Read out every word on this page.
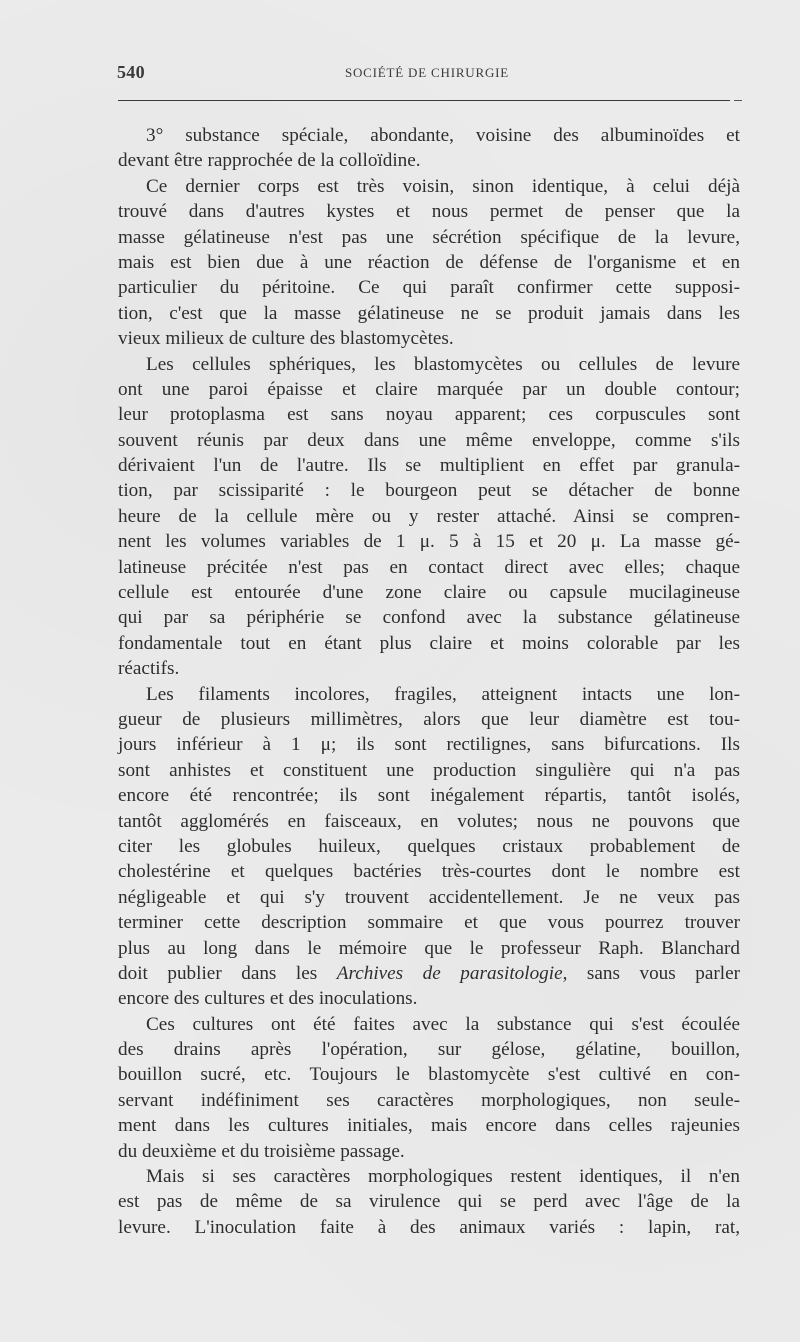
540	SOCIÉTÉ DE CHIRURGIE
3° substance spéciale, abondante, voisine des albuminoïdes et
devant être rapprochée de la colloïdine.
Ce dernier corps est très voisin, sinon identique, à celui déjà
trouvé dans d'autres kystes et nous permet de penser que la
masse gélatineuse n'est pas une sécrétion spécifique de la levure,
mais est bien due à une réaction de défense de l'organisme et en
particulier du péritoine. Ce qui paraît confirmer cette supposi-
tion, c'est que la masse gélatineuse ne se produit jamais dans les
vieux milieux de culture des blastomycètes.
Les cellules sphériques, les blastomycètes ou cellules de levure
ont une paroi épaisse et claire marquée par un double contour;
leur protoplasma est sans noyau apparent; ces corpuscules sont
souvent réunis par deux dans une même enveloppe, comme s'ils
dérivaient l'un de l'autre. Ils se multiplient en effet par granula-
tion, par scissiparité : le bourgeon peut se détacher de bonne
heure de la cellule mère ou y rester attaché. Ainsi se compren-
nent les volumes variables de 1 μ. 5 à 15 et 20 μ. La masse gé-
latineuse précitée n'est pas en contact direct avec elles; chaque
cellule est entourée d'une zone claire ou capsule mucilagineuse
qui par sa périphérie se confond avec la substance gélatineuse
fondamentale tout en étant plus claire et moins colorable par les
réactifs.
Les filaments incolores, fragiles, atteignent intacts une lon-
gueur de plusieurs millimètres, alors que leur diamètre est tou-
jours inférieur à 1 μ; ils sont rectilignes, sans bifurcations. Ils
sont anhistes et constituent une production singulière qui n'a pas
encore été rencontrée; ils sont inégalement répartis, tantôt isolés,
tantôt agglomérés en faisceaux, en volutes; nous ne pouvons que
citer les globules huileux, quelques cristaux probablement de
cholestérine et quelques bactéries très-courtes dont le nombre est
négligeable et qui s'y trouvent accidentellement. Je ne veux pas
terminer cette description sommaire et que vous pourrez trouver
plus au long dans le mémoire que le professeur Raph. Blanchard
doit publier dans les Archives de parasitologie, sans vous parler
encore des cultures et des inoculations.
Ces cultures ont été faites avec la substance qui s'est écoulée
des drains après l'opération, sur gélose, gélatine, bouillon,
bouillon sucré, etc. Toujours le blastomycète s'est cultivé en con-
servant indéfiniment ses caractères morphologiques, non seule-
ment dans les cultures initiales, mais encore dans celles rajeunies
du deuxième et du troisième passage.
Mais si ses caractères morphologiques restent identiques, il n'en
est pas de même de sa virulence qui se perd avec l'âge de la
levure. L'inoculation faite à des animaux variés : lapin, rat,
